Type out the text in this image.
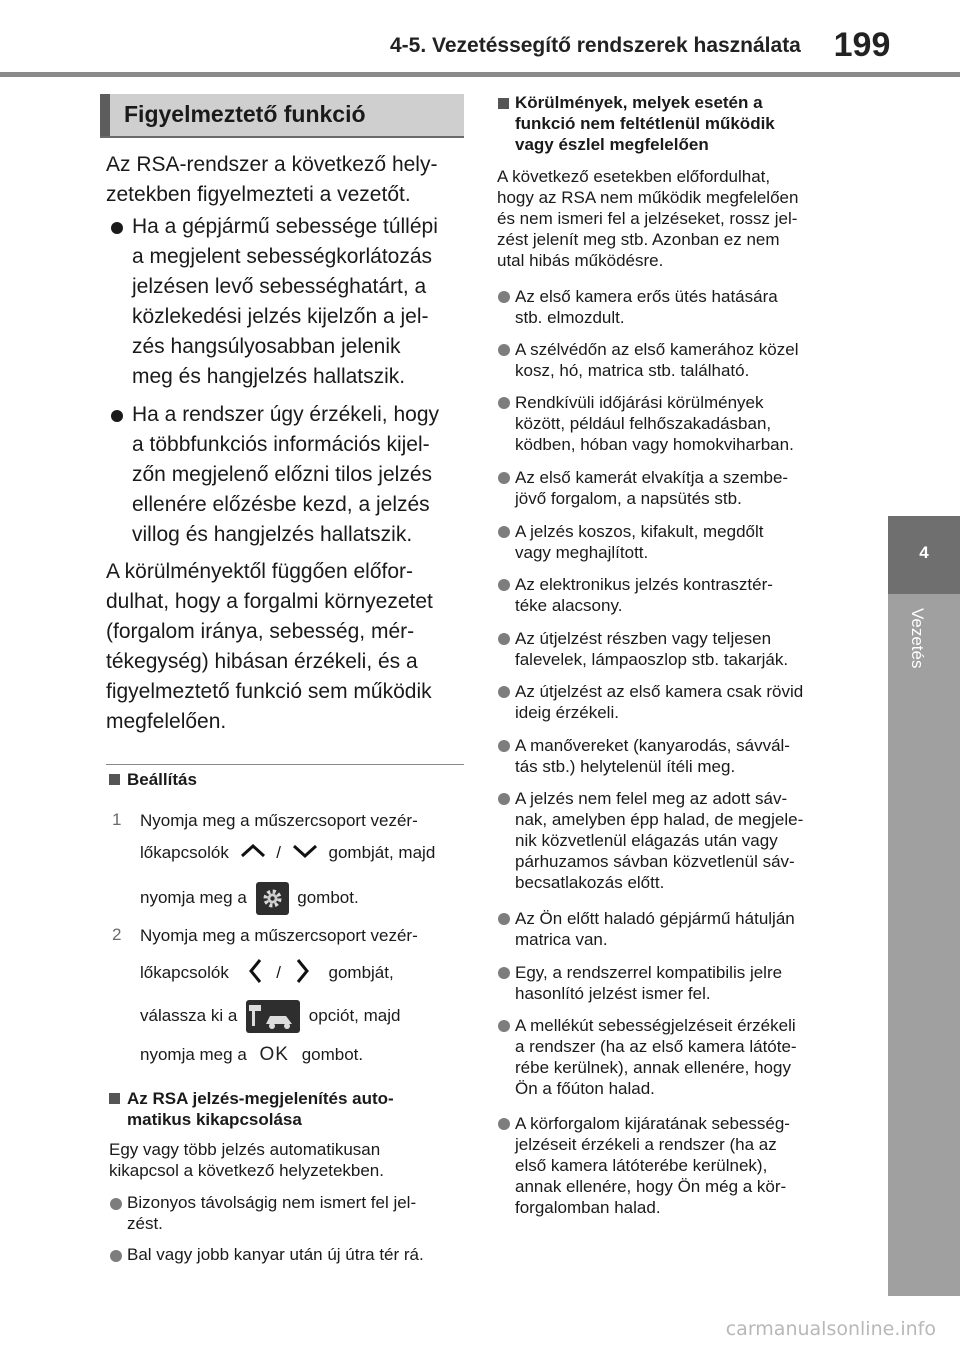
4-5. Vezetéssegítő rendszerek használata 199
4
Vezetés
Figyelmeztető funkció
Az RSA-rendszer a következő hely-
zetekben figyelmezteti a vezetőt.
Ha a gépjármű sebessége túllépi
a megjelent sebességkorlátozás
jelzésen levő sebességhatárt, a
közlekedési jelzés kijelzőn a jel-
zés hangsúlyosabban jelenik
meg és hangjelzés hallatszik.
Ha a rendszer úgy érzékeli, hogy
a többfunkciós információs kijel-
zőn megjelenő előzni tilos jelzés
ellenére előzésbe kezd, a jelzés
villog és hangjelzés hallatszik.
A körülményektől függően előfor-
dulhat, hogy a forgalmi környezetet
(forgalom iránya, sebesség, mér-
tékegység) hibásan érzékeli, és a
figyelmeztető funkció sem működik
megfelelően.
Beállítás
1 Nyomja meg a műszercsoport vezér-
lőkapcsolók	/	gombját, majd
nyomja meg a	gombot.
2 Nyomja meg a műszercsoport vezér-
lőkapcsolók	/	gombját,
válassza ki a	opciót, majd
nyomja meg a OK gombot.
Az RSA jelzés-megjelenítés auto-
matikus kikapcsolása
Egy vagy több jelzés automatikusan
kikapcsol a következő helyzetekben.
Bizonyos távolságig nem ismert fel jel-
zést.
Bal vagy jobb kanyar után új útra tér rá.
Körülmények, melyek esetén a
funkció nem feltétlenül működik
vagy észlel megfelelően
A következő esetekben előfordulhat,
hogy az RSA nem működik megfelelően
és nem ismeri fel a jelzéseket, rossz jel-
zést jelenít meg stb. Azonban ez nem
utal hibás működésre.
Az első kamera erős ütés hatására
stb. elmozdult.
A szélvédőn az első kamerához közel
kosz, hó, matrica stb. található.
Rendkívüli időjárási körülmények
között, például felhőszakadásban,
ködben, hóban vagy homokviharban.
Az első kamerát elvakítja a szembe-
jövő forgalom, a napsütés stb.
A jelzés koszos, kifakult, megdőlt
vagy meghajlított.
Az elektronikus jelzés kontrasztér-
téke alacsony.
Az útjelzést részben vagy teljesen
falevelek, lámpaoszlop stb. takarják.
Az útjelzést az első kamera csak rövid
ideig érzékeli.
A manővereket (kanyarodás, sávvál-
tás stb.) helytelenül ítéli meg.
A jelzés nem felel meg az adott sáv-
nak, amelyben épp halad, de megjele-
nik közvetlenül elágazás után vagy
párhuzamos sávban közvetlenül sáv-
becsatlakozás előtt.
Az Ön előtt haladó gépjármű hátulján
matrica van.
Egy, a rendszerrel kompatibilis jelre
hasonlító jelzést ismer fel.
A mellékút sebességjelzéseit érzékeli
a rendszer (ha az első kamera látóte-
rébe kerülnek), annak ellenére, hogy
Ön a főúton halad.
A körforgalom kijáratának sebesség-
jelzéseit érzékeli a rendszer (ha az
első kamera látóterébe kerülnek),
annak ellenére, hogy Ön még a kör-
forgalomban halad.
carmanualsonline.info
